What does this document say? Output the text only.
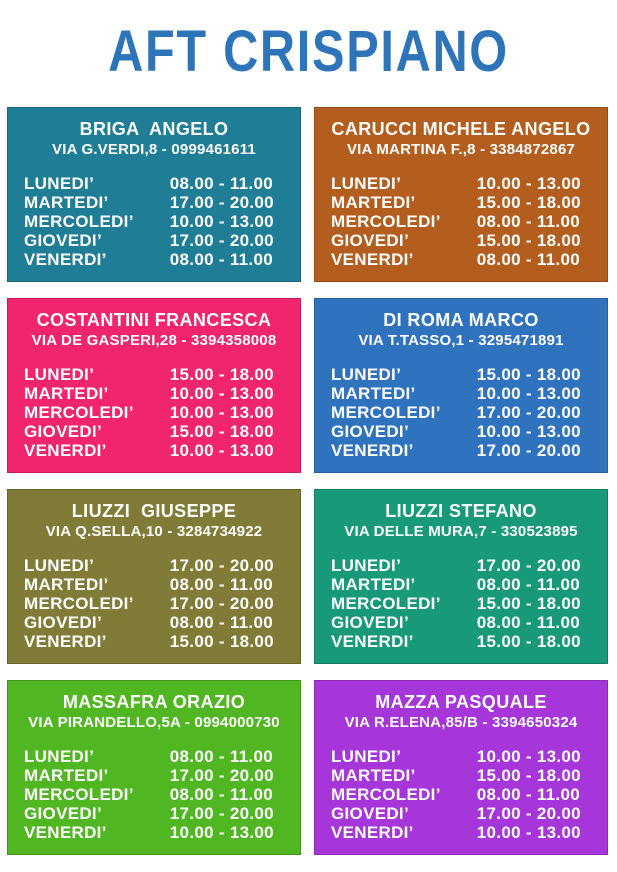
AFT CRISPIANO
BRIGA  ANGELO
VIA G.VERDI,8 - 0999461611
LUNEDI’	08.00 - 11.00
MARTEDI’	17.00 - 20.00
MERCOLEDI’	10.00 - 13.00
GIOVEDI’	17.00 - 20.00
VENERDI’	08.00 - 11.00
CARUCCI MICHELE ANGELO
VIA MARTINA F.,8 - 3384872867
LUNEDI’	10.00 - 13.00
MARTEDI’	15.00 - 18.00
MERCOLEDI’	08.00 - 11.00
GIOVEDI’	15.00 - 18.00
VENERDI’	08.00 - 11.00
COSTANTINI FRANCESCA
VIA DE GASPERI,28 - 3394358008
LUNEDI’	15.00 - 18.00
MARTEDI’	10.00 - 13.00
MERCOLEDI’	10.00 - 13.00
GIOVEDI’	15.00 - 18.00
VENERDI’	10.00 - 13.00
DI ROMA MARCO
VIA T.TASSO,1 - 3295471891
LUNEDI’	15.00 - 18.00
MARTEDI’	10.00 - 13.00
MERCOLEDI’	17.00 - 20.00
GIOVEDI’	10.00 - 13.00
VENERDI’	17.00 - 20.00
LIUZZI  GIUSEPPE
VIA Q.SELLA,10 - 3284734922
LUNEDI’	17.00 - 20.00
MARTEDI’	08.00 - 11.00
MERCOLEDI’	17.00 - 20.00
GIOVEDI’	08.00 - 11.00
VENERDI’	15.00 - 18.00
LIUZZI STEFANO
VIA DELLE MURA,7 - 330523895
LUNEDI’	17.00 - 20.00
MARTEDI’	08.00 - 11.00
MERCOLEDI’	15.00 - 18.00
GIOVEDI’	08.00 - 11.00
VENERDI’	15.00 - 18.00
MASSAFRA ORAZIO
VIA PIRANDELLO,5A - 0994000730
LUNEDI’	08.00 - 11.00
MARTEDI’	17.00 - 20.00
MERCOLEDI’	08.00 - 11.00
GIOVEDI’	17.00 - 20.00
VENERDI’	10.00 - 13.00
MAZZA PASQUALE
VIA R.ELENA,85/B - 3394650324
LUNEDI’	10.00 - 13.00
MARTEDI’	15.00 - 18.00
MERCOLEDI’	08.00 - 11.00
GIOVEDI’	17.00 - 20.00
VENERDI’	10.00 - 13.00
